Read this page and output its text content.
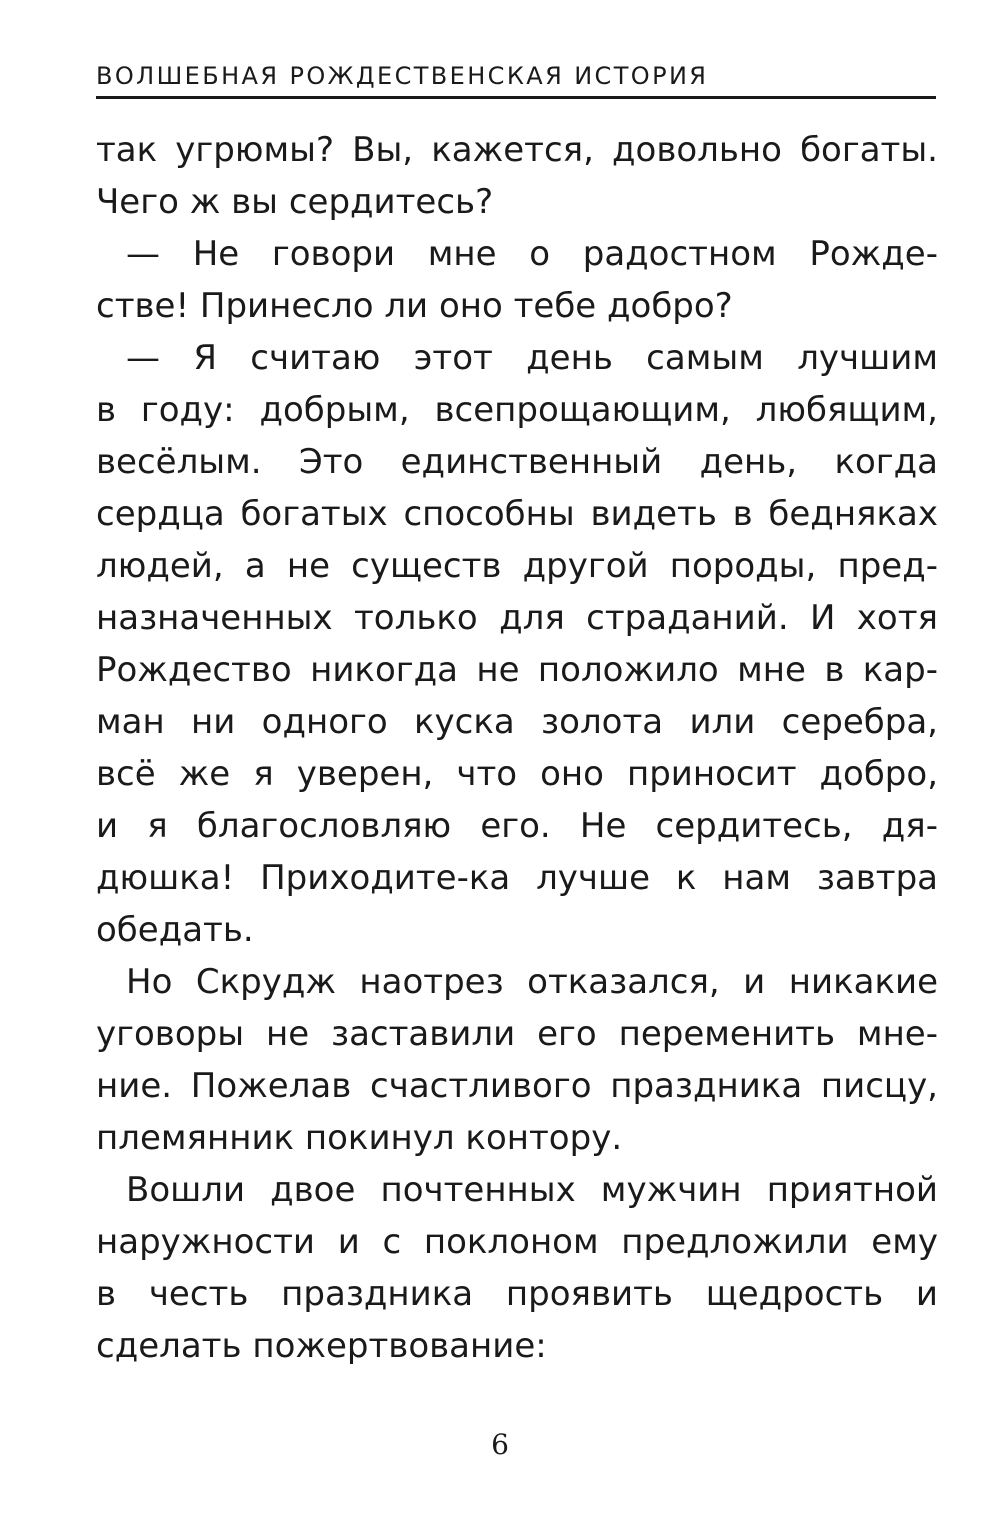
ВОЛШЕБНАЯ РОЖДЕСТВЕНСКАЯ ИСТОРИЯ
так угрюмы? Вы, кажется, довольно богаты.
Чего ж вы сердитесь?
— Не говори мне о радостном Рожде-
стве! Принесло ли оно тебе добро?
— Я считаю этот день самым лучшим
в году: добрым, всепрощающим, любящим,
весёлым. Это единственный день, когда
сердца богатых способны видеть в бедняках
людей, а не существ другой породы, пред-
назначенных только для страданий. И хотя
Рождество никогда не положило мне в кар-
ман ни одного куска золота или серебра,
всё же я уверен, что оно приносит добро,
и я благословляю его. Не сердитесь, дя-
дюшка! Приходите-ка лучше к нам завтра
обедать.
Но Скрудж наотрез отказался, и никакие
уговоры не заставили его переменить мне-
ние. Пожелав счастливого праздника писцу,
племянник покинул контору.
Вошли двое почтенных мужчин приятной
наружности и с поклоном предложили ему
в честь праздника проявить щедрость и
сделать пожертвование:
6
